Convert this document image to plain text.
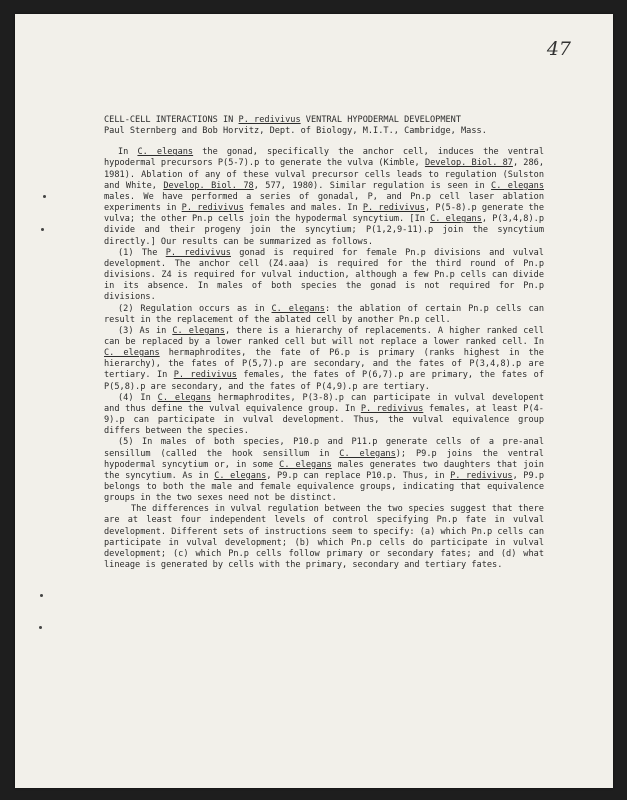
47
CELL-CELL INTERACTIONS IN P. redivivus VENTRAL HYPODERMAL DEVELOPMENT
Paul Sternberg and Bob Horvitz, Dept. of Biology, M.I.T., Cambridge, Mass.
In C. elegans the gonad, specifically the anchor cell, induces the ventral hypodermal precursors P(5-7).p to generate the vulva (Kimble, Develop. Biol. 87, 286, 1981). Ablation of any of these vulval precursor cells leads to regulation (Sulston and White, Develop. Biol. 78, 577, 1980). Similar regulation is seen in C. elegans males. We have performed a series of gonadal, P, and Pn.p cell laser ablation experiments in P. redivivus females and males. In P. redivivus, P(5-8).p generate the vulva; the other Pn.p cells join the hypodermal syncytium. [In C. elegans, P(3,4,8).p divide and their progeny join the syncytium; P(1,2,9-11).p join the syncytium directly.] Our results can be summarized as follows.
(1) The P. redivivus gonad is required for female Pn.p divisions and vulval development. The anchor cell (Z4.aaa) is required for the third round of Pn.p divisions. Z4 is required for vulval induction, although a few Pn.p cells can divide in its absence. In males of both species the gonad is not required for Pn.p divisions.
(2) Regulation occurs as in C. elegans: the ablation of certain Pn.p cells can result in the replacement of the ablated cell by another Pn.p cell.
(3) As in C. elegans, there is a hierarchy of replacements. A higher ranked cell can be replaced by a lower ranked cell but will not replace a lower ranked cell. In C. elegans hermaphrodites, the fate of P6.p is primary (ranks highest in the hierarchy), the fates of P(5,7).p are secondary, and the fates of P(3,4,8).p are tertiary. In P. redivivus females, the fates of P(6,7).p are primary, the fates of P(5,8).p are secondary, and the fates of P(4,9).p are tertiary.
(4) In C. elegans hermaphrodites, P(3-8).p can participate in vulval developent and thus define the vulval equivalence group. In P. redivivus females, at least P(4-9).p can participate in vulval development. Thus, the vulval equivalence group differs between the species.
(5) In males of both species, P10.p and P11.p generate cells of a pre-anal sensillum (called the hook sensillum in C. elegans); P9.p joins the ventral hypodermal syncytium or, in some C. elegans males generates two daughters that join the syncytium. As in C. elegans, P9.p can replace P10.p. Thus, in P. redivivus, P9.p belongs to both the male and female equivalence groups, indicating that equivalence groups in the two sexes need not be distinct.
The differences in vulval regulation between the two species suggest that there are at least four independent levels of control specifying Pn.p fate in vulval development. Different sets of instructions seem to specify: (a) which Pn.p cells can participate in vulval development; (b) which Pn.p cells do participate in vulval development; (c) which Pn.p cells follow primary or secondary fates; and (d) what lineage is generated by cells with the primary, secondary and tertiary fates.
